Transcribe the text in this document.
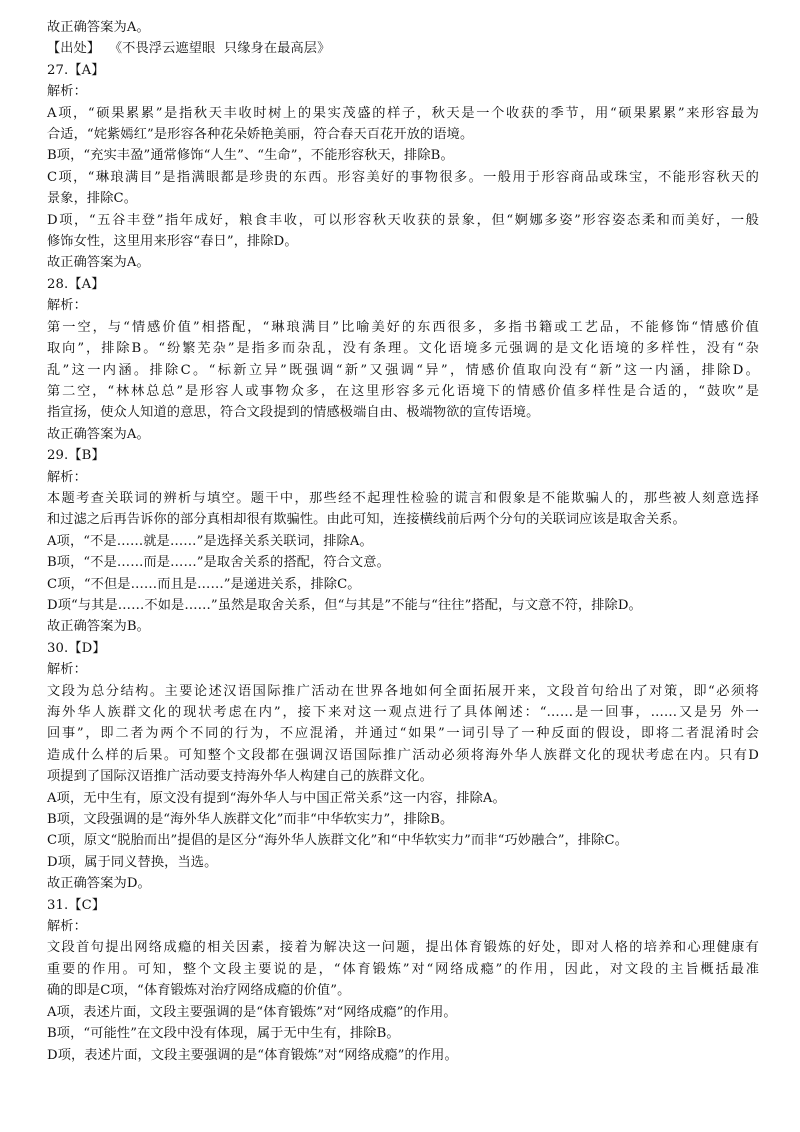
故正确答案为A。
【出处】  《不畏浮云遮望眼  只缘身在最高层》
27.【A】
解析：
A项，“硕果累累”是指秋天丰收时树上的果实茂盛的样子，秋天是一个收获的季节，用“硕果累累”来形容最为
合适，“姹紫嫣红”是形容各种花朵娇艳美丽，符合春天百花开放的语境。
B项，“充实丰盈”通常修饰“人生”、“生命”，不能形容秋天，排除B。
C项，“琳琅满目”是指满眼都是珍贵的东西。形容美好的事物很多。一般用于形容商品或珠宝，不能形容秋天的
景象，排除C。
D项，“五谷丰登”指年成好，粮食丰收，可以形容秋天收获的景象，但“婀娜多姿”形容姿态柔和而美好，一般
修饰女性，这里用来形容“春日”，排除D。
故正确答案为A。
28.【A】
解析：
第一空，与“情感价值”相搭配，“琳琅满目”比喻美好的东西很多，多指书籍或工艺品，不能修饰“情感价值
取向”，排除B。“纷繁芜杂”是指多而杂乱，没有条理。文化语境多元强调的是文化语境的多样性，没有“杂
乱”这一内涵。排除C。“标新立异”既强调“新”又强调“异”，情感价值取向没有“新”这一内涵，排除D。
第二空，“林林总总”是形容人或事物众多，在这里形容多元化语境下的情感价值多样性是合适的，“鼓吹”是
指宣扬，使众人知道的意思，符合文段提到的情感极端自由、极端物欲的宣传语境。
故正确答案为A。
29.【B】
解析：
本题考查关联词的辨析与填空。题干中，那些经不起理性检验的谎言和假象是不能欺骗人的，那些被人刻意选择
和过滤之后再告诉你的部分真相却很有欺骗性。由此可知，连接横线前后两个分句的关联词应该是取舍关系。
A项，“不是……就是……”是选择关系关联词，排除A。
B项，“不是……而是……”是取舍关系的搭配，符合文意。
C项，“不但是……而且是……”是递进关系，排除C。
D项“与其是……不如是……”虽然是取舍关系，但“与其是”不能与“往往”搭配，与文意不符，排除D。
故正确答案为B。
30.【D】
解析：
文段为总分结构。主要论述汉语国际推广活动在世界各地如何全面拓展开来，文段首句给出了对策，即“必须将
海外华人族群文化的现状考虑在内”，接下来对这一观点进行了具体阐述：“……是一回事，……又是另 外一
回事”，即二者为两个不同的行为，不应混淆，并通过“如果”一词引导了一种反面的假设，即将二者混淆时会
造成什么样的后果。可知整个文段都在强调汉语国际推广活动必须将海外华人族群文化的现状考虑在内。只有D
项提到了国际汉语推广活动要支持海外华人构建自己的族群文化。
A项，无中生有，原文没有提到“海外华人与中国正常关系”这一内容，排除A。
B项，文段强调的是“海外华人族群文化”而非“中华软实力”，排除B。
C项，原文“脱胎而出”提倡的是区分“海外华人族群文化”和“中华软实力”而非“巧妙融合”，排除C。
D项，属于同义替换，当选。
故正确答案为D。
31.【C】
解析：
文段首句提出网络成瘾的相关因素，接着为解决这一问题，提出体育锻炼的好处，即对人格的培养和心理健康有
重要的作用。可知，整个文段主要说的是，“体育锻炼”对“网络成瘾”的作用，因此，对文段的主旨概括最准
确的即是C项，“体育锻炼对治疗网络成瘾的价值”。
A项，表述片面，文段主要强调的是“体育锻炼”对“网络成瘾”的作用。
B项，“可能性”在文段中没有体现，属于无中生有，排除B。
D项，表述片面，文段主要强调的是“体育锻炼”对“网络成瘾”的作用。
